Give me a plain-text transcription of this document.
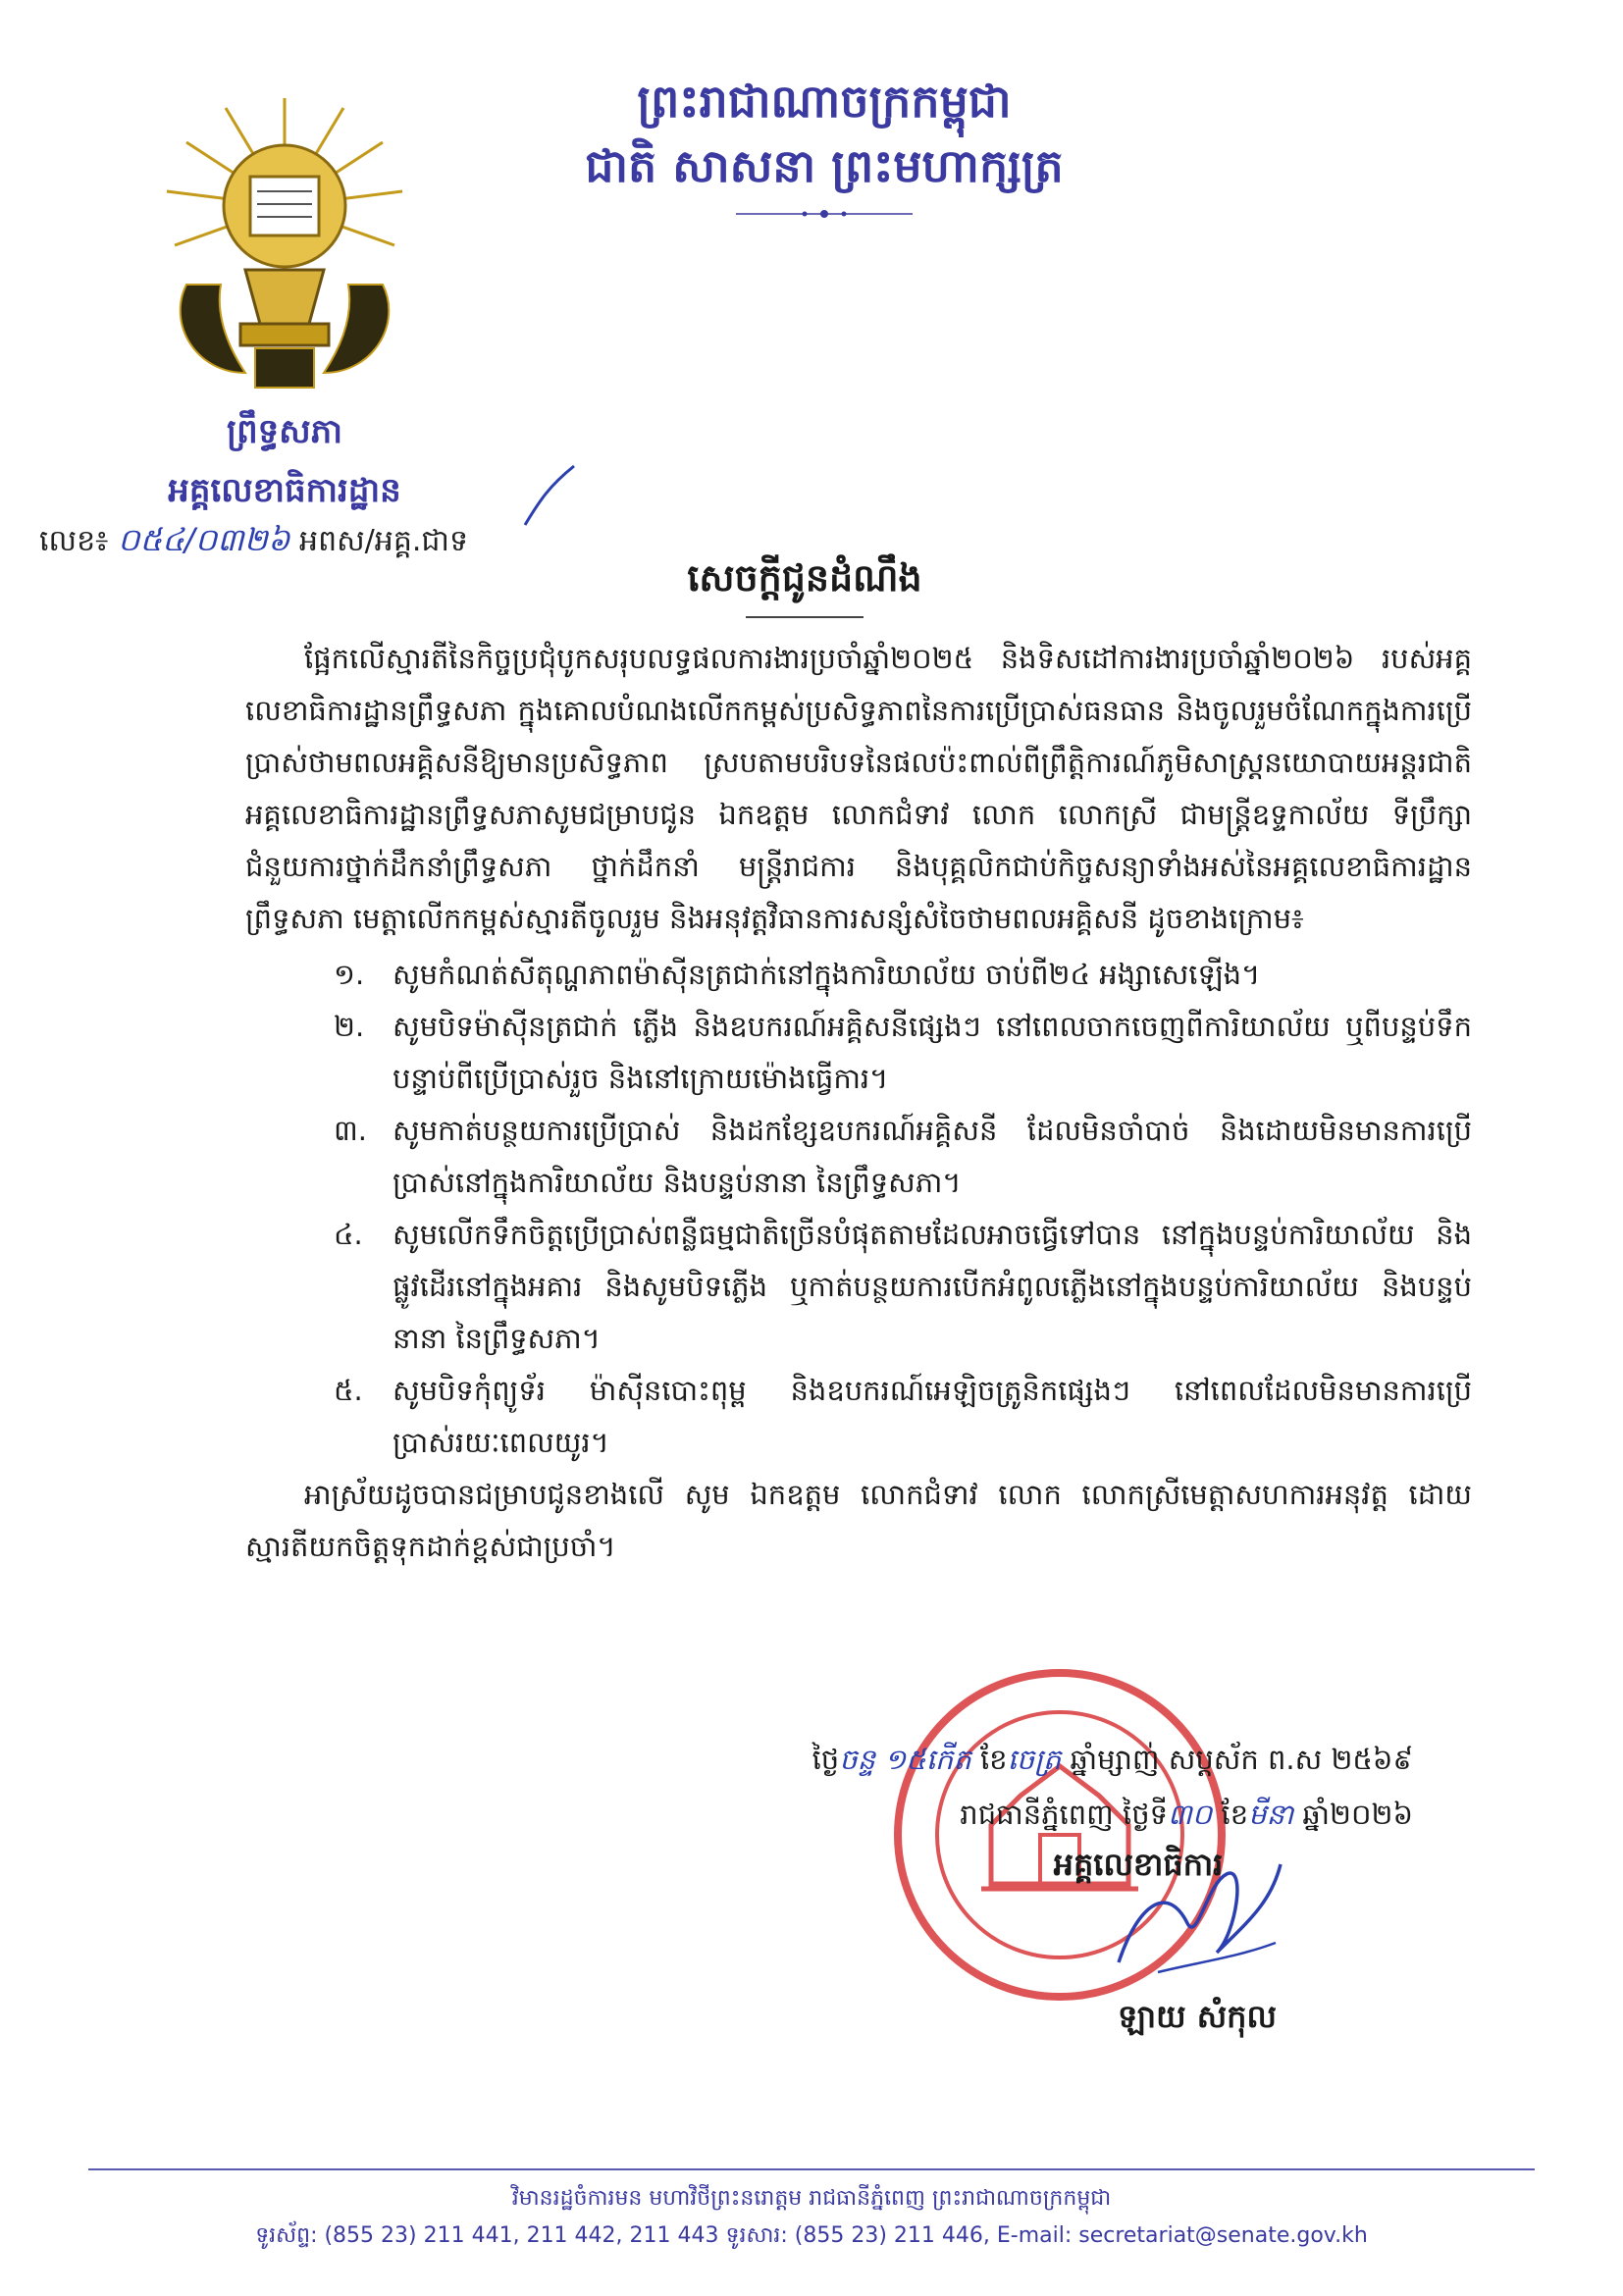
ព្រះរាជាណាចក្រកម្ពុជា
ជាតិ សាសនា ព្រះមហាក្សត្រ
ព្រឹទ្ធសភា
អគ្គលេខាធិការដ្ឋាន
លេខ៖ ០៥៤/០៣២៦ អពស/អគ្គ.ជាទ
សេចក្តីជូនដំណឹង

ផ្អែកលើស្មារតីនៃកិច្ចប្រជុំបូកសរុបលទ្ធផលការងារប្រចាំឆ្នាំ២០២៥ និងទិសដៅការងារប្រចាំឆ្នាំ២០២៦ របស់អគ្គលេខាធិការដ្ឋានព្រឹទ្ធសភា ក្នុងគោលបំណងលើកកម្ពស់ប្រសិទ្ធភាពនៃការប្រើប្រាស់ធនធាន និងចូលរួមចំណែកក្នុងការប្រើប្រាស់ថាមពលអគ្គិសនីឱ្យមានប្រសិទ្ធភាព ស្របតាមបរិបទនៃផលប៉ះពាល់ពីព្រឹត្តិការណ៍ភូមិសាស្ត្រនយោបាយអន្តរជាតិ អគ្គលេខាធិការដ្ឋានព្រឹទ្ធសភាសូមជម្រាបជូន ឯកឧត្តម លោកជំទាវ លោក លោកស្រី ជាមន្ត្រីឧទ្ទកាល័យ ទីប្រឹក្សា ជំនួយការថ្នាក់ដឹកនាំព្រឹទ្ធសភា ថ្នាក់ដឹកនាំ មន្ត្រីរាជការ និងបុគ្គលិកជាប់កិច្ចសន្យាទាំងអស់នៃអគ្គលេខាធិការដ្ឋានព្រឹទ្ធសភា មេត្តាលើកកម្ពស់ស្មារតីចូលរួម និងអនុវត្តវិធានការសន្សំសំចៃថាមពលអគ្គិសនី ដូចខាងក្រោម៖

១. សូមកំណត់សីតុណ្ហភាពម៉ាស៊ីនត្រជាក់នៅក្នុងការិយាល័យ ចាប់ពី២៤ អង្សាសេឡើង។
២. សូមបិទម៉ាស៊ីនត្រជាក់ ភ្លើង និងឧបករណ៍អគ្គិសនីផ្សេងៗ នៅពេលចាកចេញពីការិយាល័យ ឬពីបន្ទប់ទឹក បន្ទាប់ពីប្រើប្រាស់រួច និងនៅក្រោយម៉ោងធ្វើការ។
៣. សូមកាត់បន្ថយការប្រើប្រាស់ និងដកខ្សែឧបករណ៍អគ្គិសនី ដែលមិនចាំបាច់ និងដោយមិនមានការប្រើប្រាស់នៅក្នុងការិយាល័យ និងបន្ទប់នានា នៃព្រឹទ្ធសភា។
៤. សូមលើកទឹកចិត្តប្រើប្រាស់ពន្លឺធម្មជាតិច្រើនបំផុតតាមដែលអាចធ្វើទៅបាន នៅក្នុងបន្ទប់ការិយាល័យ និងផ្លូវដើរនៅក្នុងអគារ និងសូមបិទភ្លើង ឬកាត់បន្ថយការបើកអំពូលភ្លើងនៅក្នុងបន្ទប់ការិយាល័យ និងបន្ទប់នានា នៃព្រឹទ្ធសភា។
៥. សូមបិទកុំព្យូទ័រ ម៉ាស៊ីនបោះពុម្ព និងឧបករណ៍អេឡិចត្រូនិកផ្សេងៗ នៅពេលដែលមិនមានការប្រើប្រាស់រយៈពេលយូរ។

អាស្រ័យដូចបានជម្រាបជូនខាងលើ សូម ឯកឧត្តម លោកជំទាវ លោក លោកស្រីមេត្តាសហការអនុវត្ត ដោយស្មារតីយកចិត្តទុកដាក់ខ្ពស់ជាប្រចាំ។

ថ្ងៃចន្ទ ១៥កើត ខែចេត្រ ឆ្នាំម្សាញ់ សប្តស័ក ព.ស ២៥៦៩
រាជធានីភ្នំពេញ ថ្ងៃទី៣០ ខែមីនា ឆ្នាំ២០២៦
អគ្គលេខាធិការ
ឡាយ សំកុល
វិមានរដ្ឋចំការមន មហាវិថីព្រះនរោត្តម រាជធានីភ្នំពេញ ព្រះរាជាណាចក្រកម្ពុជា
ទូរស័ព្ទ: (855 23) 211 441, 211 442, 211 443 ទូរសារ: (855 23) 211 446, E-mail: secretariat@senate.gov.kh
